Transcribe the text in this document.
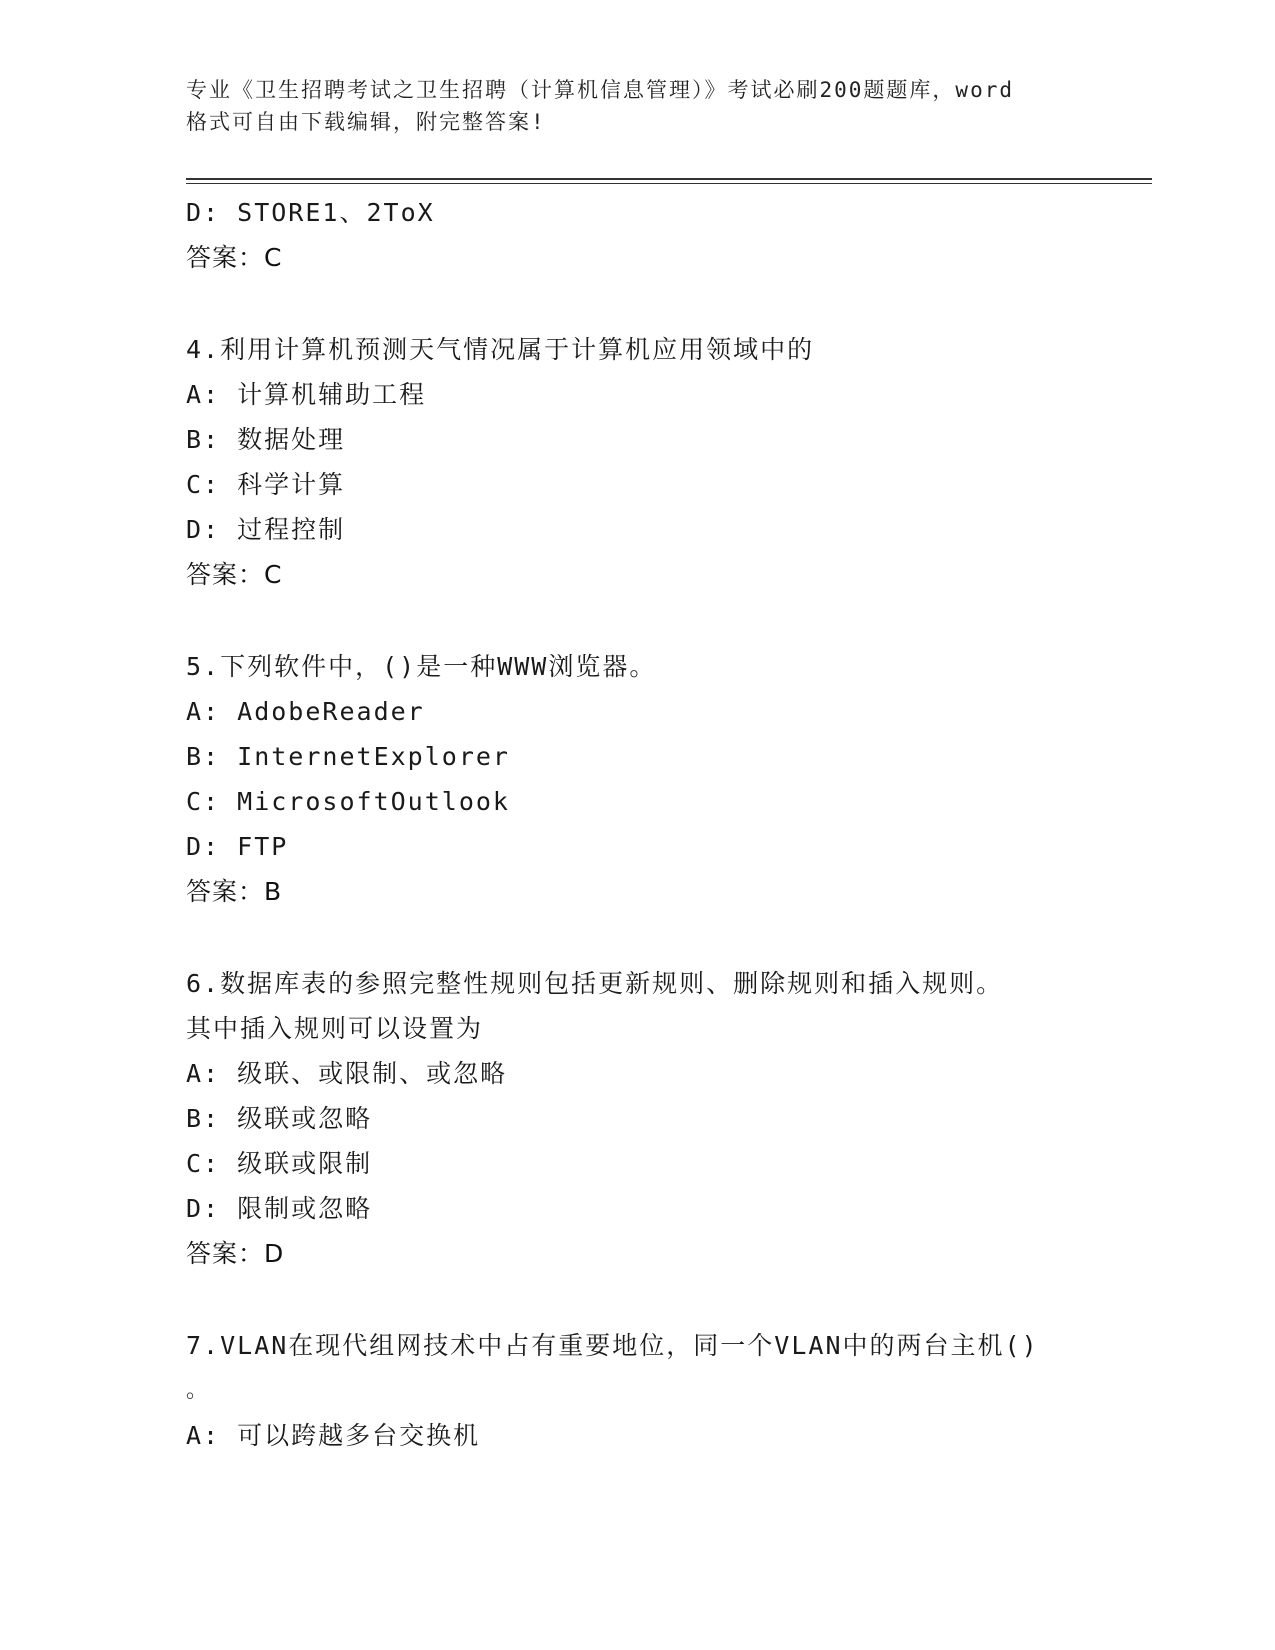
专业《卫生招聘考试之卫生招聘（计算机信息管理）》考试必刷200题题库，word
格式可自由下载编辑，附完整答案!
D: STORE1、2ToX
答案：C
4.利用计算机预测天气情况属于计算机应用领域中的
A: 计算机辅助工程
B: 数据处理
C: 科学计算
D: 过程控制
答案：C
5.下列软件中，()是一种WWW浏览器。
A: AdobeReader
B: InternetExplorer
C: MicrosoftOutlook
D: FTP
答案：B
6.数据库表的参照完整性规则包括更新规则、删除规则和插入规则。
其中插入规则可以设置为
A: 级联、或限制、或忽略
B: 级联或忽略
C: 级联或限制
D: 限制或忽略
答案：D
7.VLAN在现代组网技术中占有重要地位，同一个VLAN中的两台主机()
。
A: 可以跨越多台交换机
